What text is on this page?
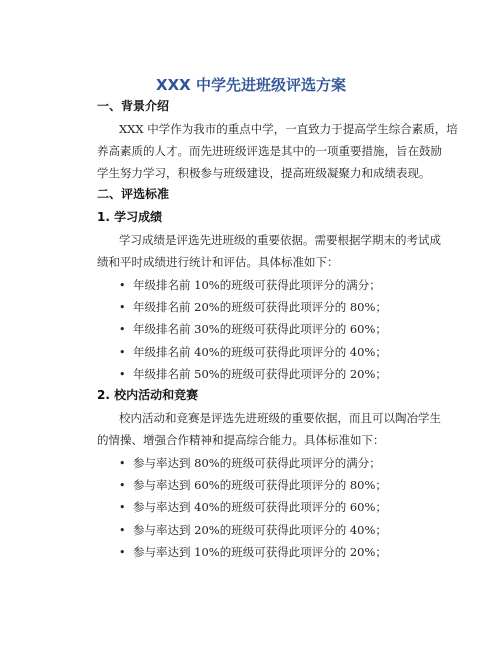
XXX 中学先进班级评选方案
一、背景介绍
XXX 中学作为我市的重点中学，一直致力于提高学生综合素质，培
养高素质的人才。而先进班级评选是其中的一项重要措施，旨在鼓励
学生努力学习，积极参与班级建设，提高班级凝聚力和成绩表现。
二、评选标准
1. 学习成绩
学习成绩是评选先进班级的重要依据。需要根据学期末的考试成
绩和平时成绩进行统计和评估。具体标准如下：
• 年级排名前 10%的班级可获得此项评分的满分；
• 年级排名前 20%的班级可获得此项评分的 80%；
• 年级排名前 30%的班级可获得此项评分的 60%；
• 年级排名前 40%的班级可获得此项评分的 40%；
• 年级排名前 50%的班级可获得此项评分的 20%；
2. 校内活动和竞赛
校内活动和竞赛是评选先进班级的重要依据，而且可以陶冶学生
的情操、增强合作精神和提高综合能力。具体标准如下：
• 参与率达到 80%的班级可获得此项评分的满分；
• 参与率达到 60%的班级可获得此项评分的 80%；
• 参与率达到 40%的班级可获得此项评分的 60%；
• 参与率达到 20%的班级可获得此项评分的 40%；
• 参与率达到 10%的班级可获得此项评分的 20%；
